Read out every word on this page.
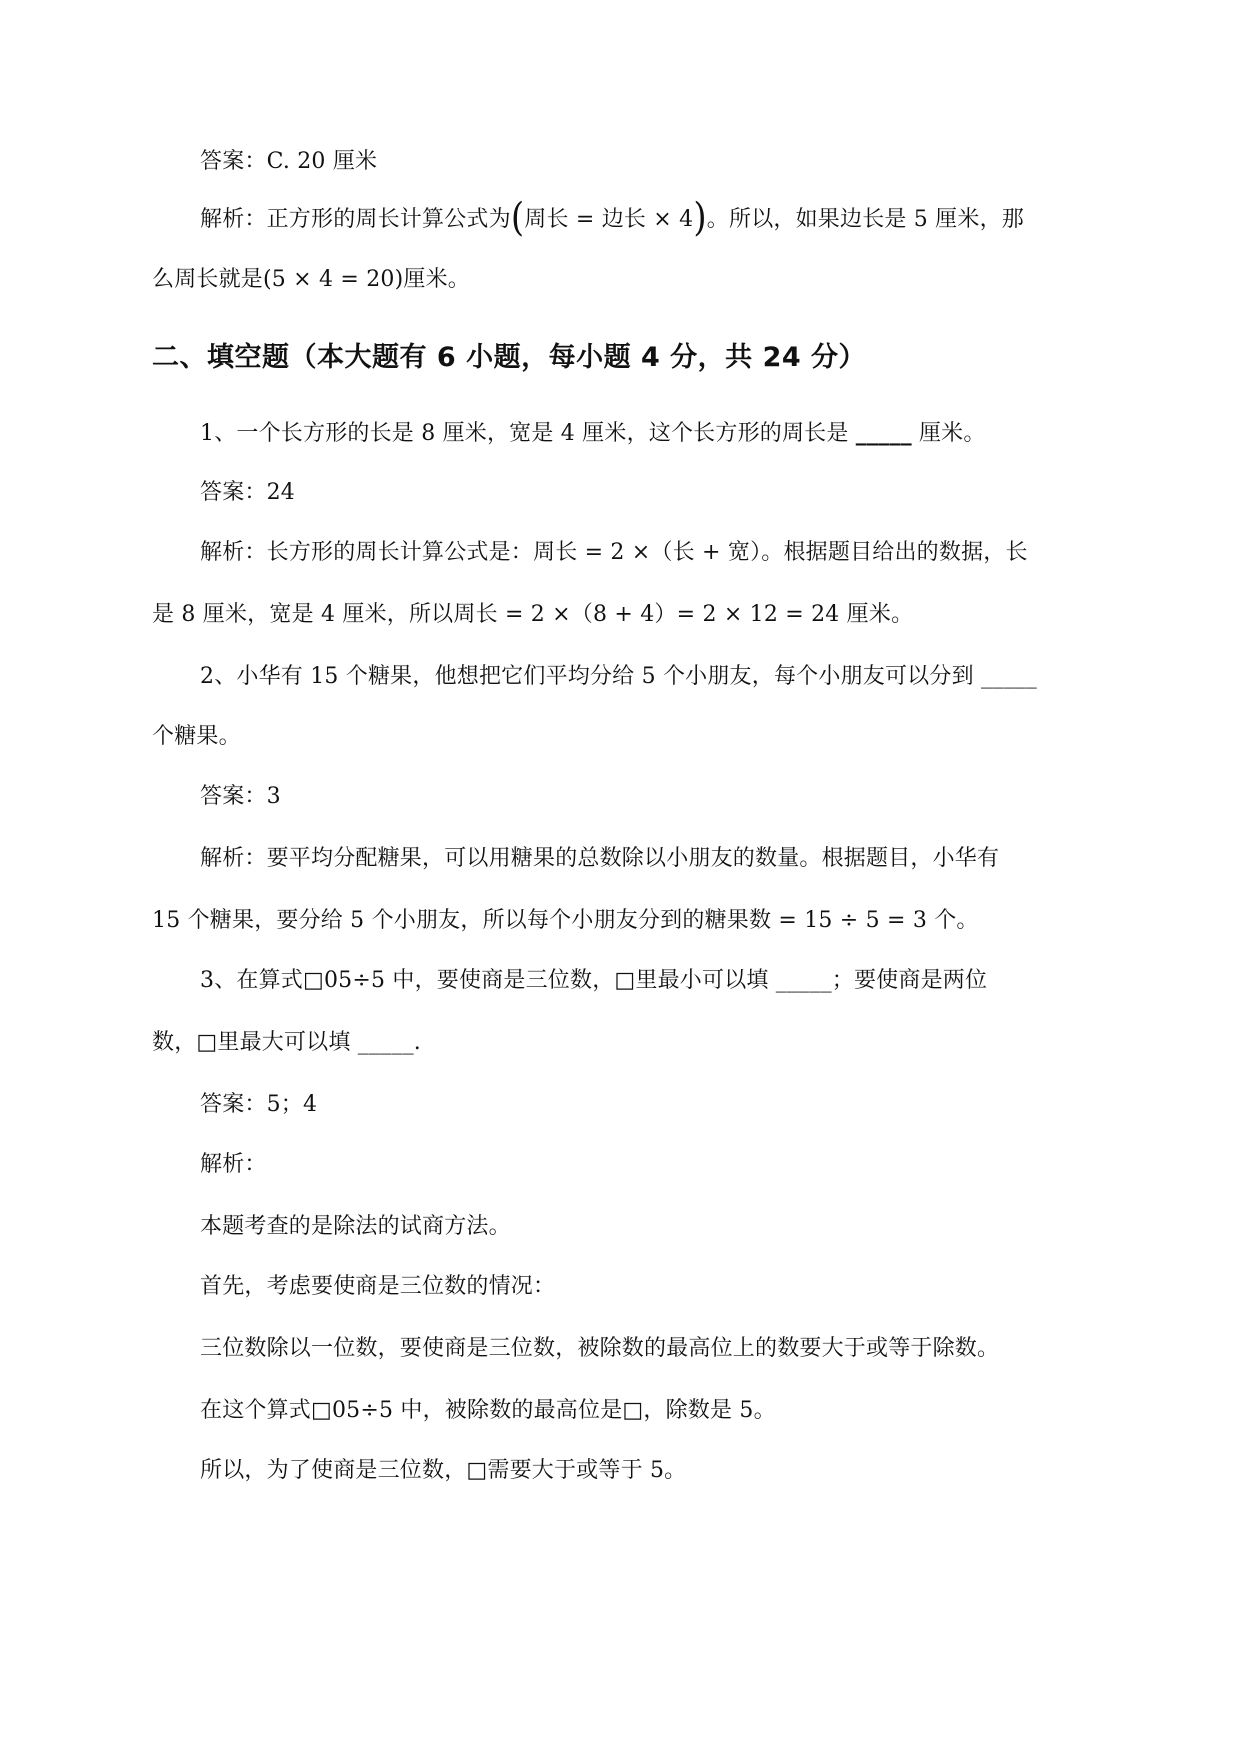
答案：C. 20 厘米
解析：正方形的周长计算公式为(周长 = 边长 × 4)。所以，如果边长是 5 厘米，那
么周长就是(5 × 4 = 20)厘米。
二、填空题（本大题有 6 小题，每小题 4 分，共 24 分）
1、一个长方形的长是 8 厘米，宽是 4 厘米，这个长方形的周长是 _____ 厘米。
答案：24
解析：长方形的周长计算公式是：周长 = 2 ×（长 + 宽）。根据题目给出的数据，长
是 8 厘米，宽是 4 厘米，所以周长 = 2 ×（8 + 4）= 2 × 12 = 24 厘米。
2、小华有 15 个糖果，他想把它们平均分给 5 个小朋友，每个小朋友可以分到 _____
个糖果。
答案：3
解析：要平均分配糖果，可以用糖果的总数除以小朋友的数量。根据题目，小华有
15 个糖果，要分给 5 个小朋友，所以每个小朋友分到的糖果数 = 15 ÷ 5 = 3 个。
3、在算式□05÷5 中，要使商是三位数，□里最小可以填 _____；要使商是两位
数，□里最大可以填 _____.
答案：5；4
解析：
本题考查的是除法的试商方法。
首先，考虑要使商是三位数的情况：
三位数除以一位数，要使商是三位数，被除数的最高位上的数要大于或等于除数。
在这个算式□05÷5 中，被除数的最高位是□，除数是 5。
所以，为了使商是三位数，□需要大于或等于 5。
